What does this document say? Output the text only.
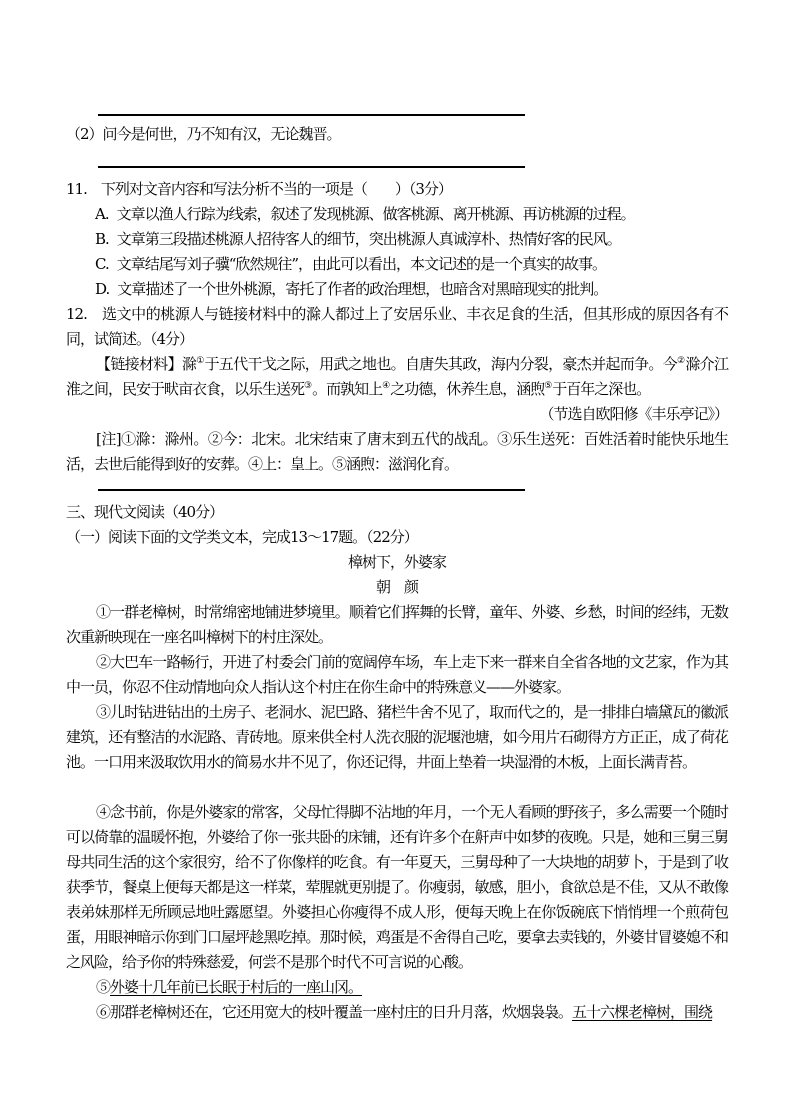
（2）问今是何世，乃不知有汉，无论魏晋。
11.　下列对文音内容和写法分析不当的一项是（　　）（3分）
A. 文章以渔人行踪为线索，叙述了发现桃源、做客桃源、离开桃源、再访桃源的过程。
B. 文章第三段描述桃源人招待客人的细节，突出桃源人真诚淳朴、热情好客的民风。
C. 文章结尾写刘子骥“欣然规往”，由此可以看出，本文记述的是一个真实的故事。
D. 文章描述了一个世外桃源，寄托了作者的政治理想，也暗含对黑暗现实的批判。
12.　选文中的桃源人与链接材料中的滁人都过上了安居乐业、丰衣足食的生活，但其形成的原因各有不同，试简述。（4分）
【链接材料】滁①于五代干戈之际，用武之地也。自唐失其政，海内分裂，豪杰并起而争。今②滁介江淮之间，民安于畎亩衣食，以乐生送死③。而孰知上④之功德，休养生息，涵煦⑤于百年之深也。
（节选自欧阳修《丰乐亭记》）
[注]①滁：滁州。②今：北宋。北宋结束了唐末到五代的战乱。③乐生送死：百姓活着时能快乐地生活，去世后能得到好的安葬。④上：皇上。⑤涵煦：滋润化育。
三、现代文阅读（40分）
（一）阅读下面的文学类文本，完成13～17题。（22分）
樟树下，外婆家
朝　颜
①一群老樟树，时常绵密地铺进梦境里。顺着它们挥舞的长臂，童年、外婆、乡愁，时间的经纬，无数次重新映现在一座名叫樟树下的村庄深处。
②大巴车一路畅行，开进了村委会门前的宽阔停车场，车上走下来一群来自全省各地的文艺家，作为其中一员，你忍不住动情地向众人指认这个村庄在你生命中的特殊意义——外婆家。
③儿时钻进钻出的土房子、老洞水、泥巴路、猪栏牛舍不见了，取而代之的，是一排排白墙黛瓦的徽派建筑，还有整洁的水泥路、青砖地。原来供全村人洗衣服的泥堰池塘，如今用片石砌得方方正正，成了荷花池。一口用来汲取饮用水的简易水井不见了，你还记得，井面上垫着一块湿滑的木板，上面长满青苔。
④念书前，你是外婆家的常客，父母忙得脚不沾地的年月，一个无人看顾的野孩子，多么需要一个随时可以倚靠的温暖怀抱，外婆给了你一张共卧的床铺，还有许多个在鼾声中如梦的夜晚。只是，她和三舅三舅母共同生活的这个家很穷，给不了你像样的吃食。有一年夏天，三舅母种了一大块地的胡萝卜，于是到了收获季节，餐桌上便每天都是这一样菜，荤腥就更别提了。你瘦弱，敏感，胆小，食欲总是不佳，又从不敢像表弟妹那样无所顾忌地吐露愿望。外婆担心你瘦得不成人形，便每天晚上在你饭碗底下悄悄埋一个煎荷包蛋，用眼神暗示你到门口屋坪趁黑吃掉。那时候，鸡蛋是不舍得自己吃，要拿去卖钱的，外婆甘冒婆媳不和之风险，给予你的特殊慈爱，何尝不是那个时代不可言说的心酸。
⑤外婆十几年前已长眠于村后的一座山冈。
⑥那群老樟树还在，它还用宽大的枝叶覆盖一座村庄的日升月落，炊烟袅袅。五十六棵老樟树，围绕
